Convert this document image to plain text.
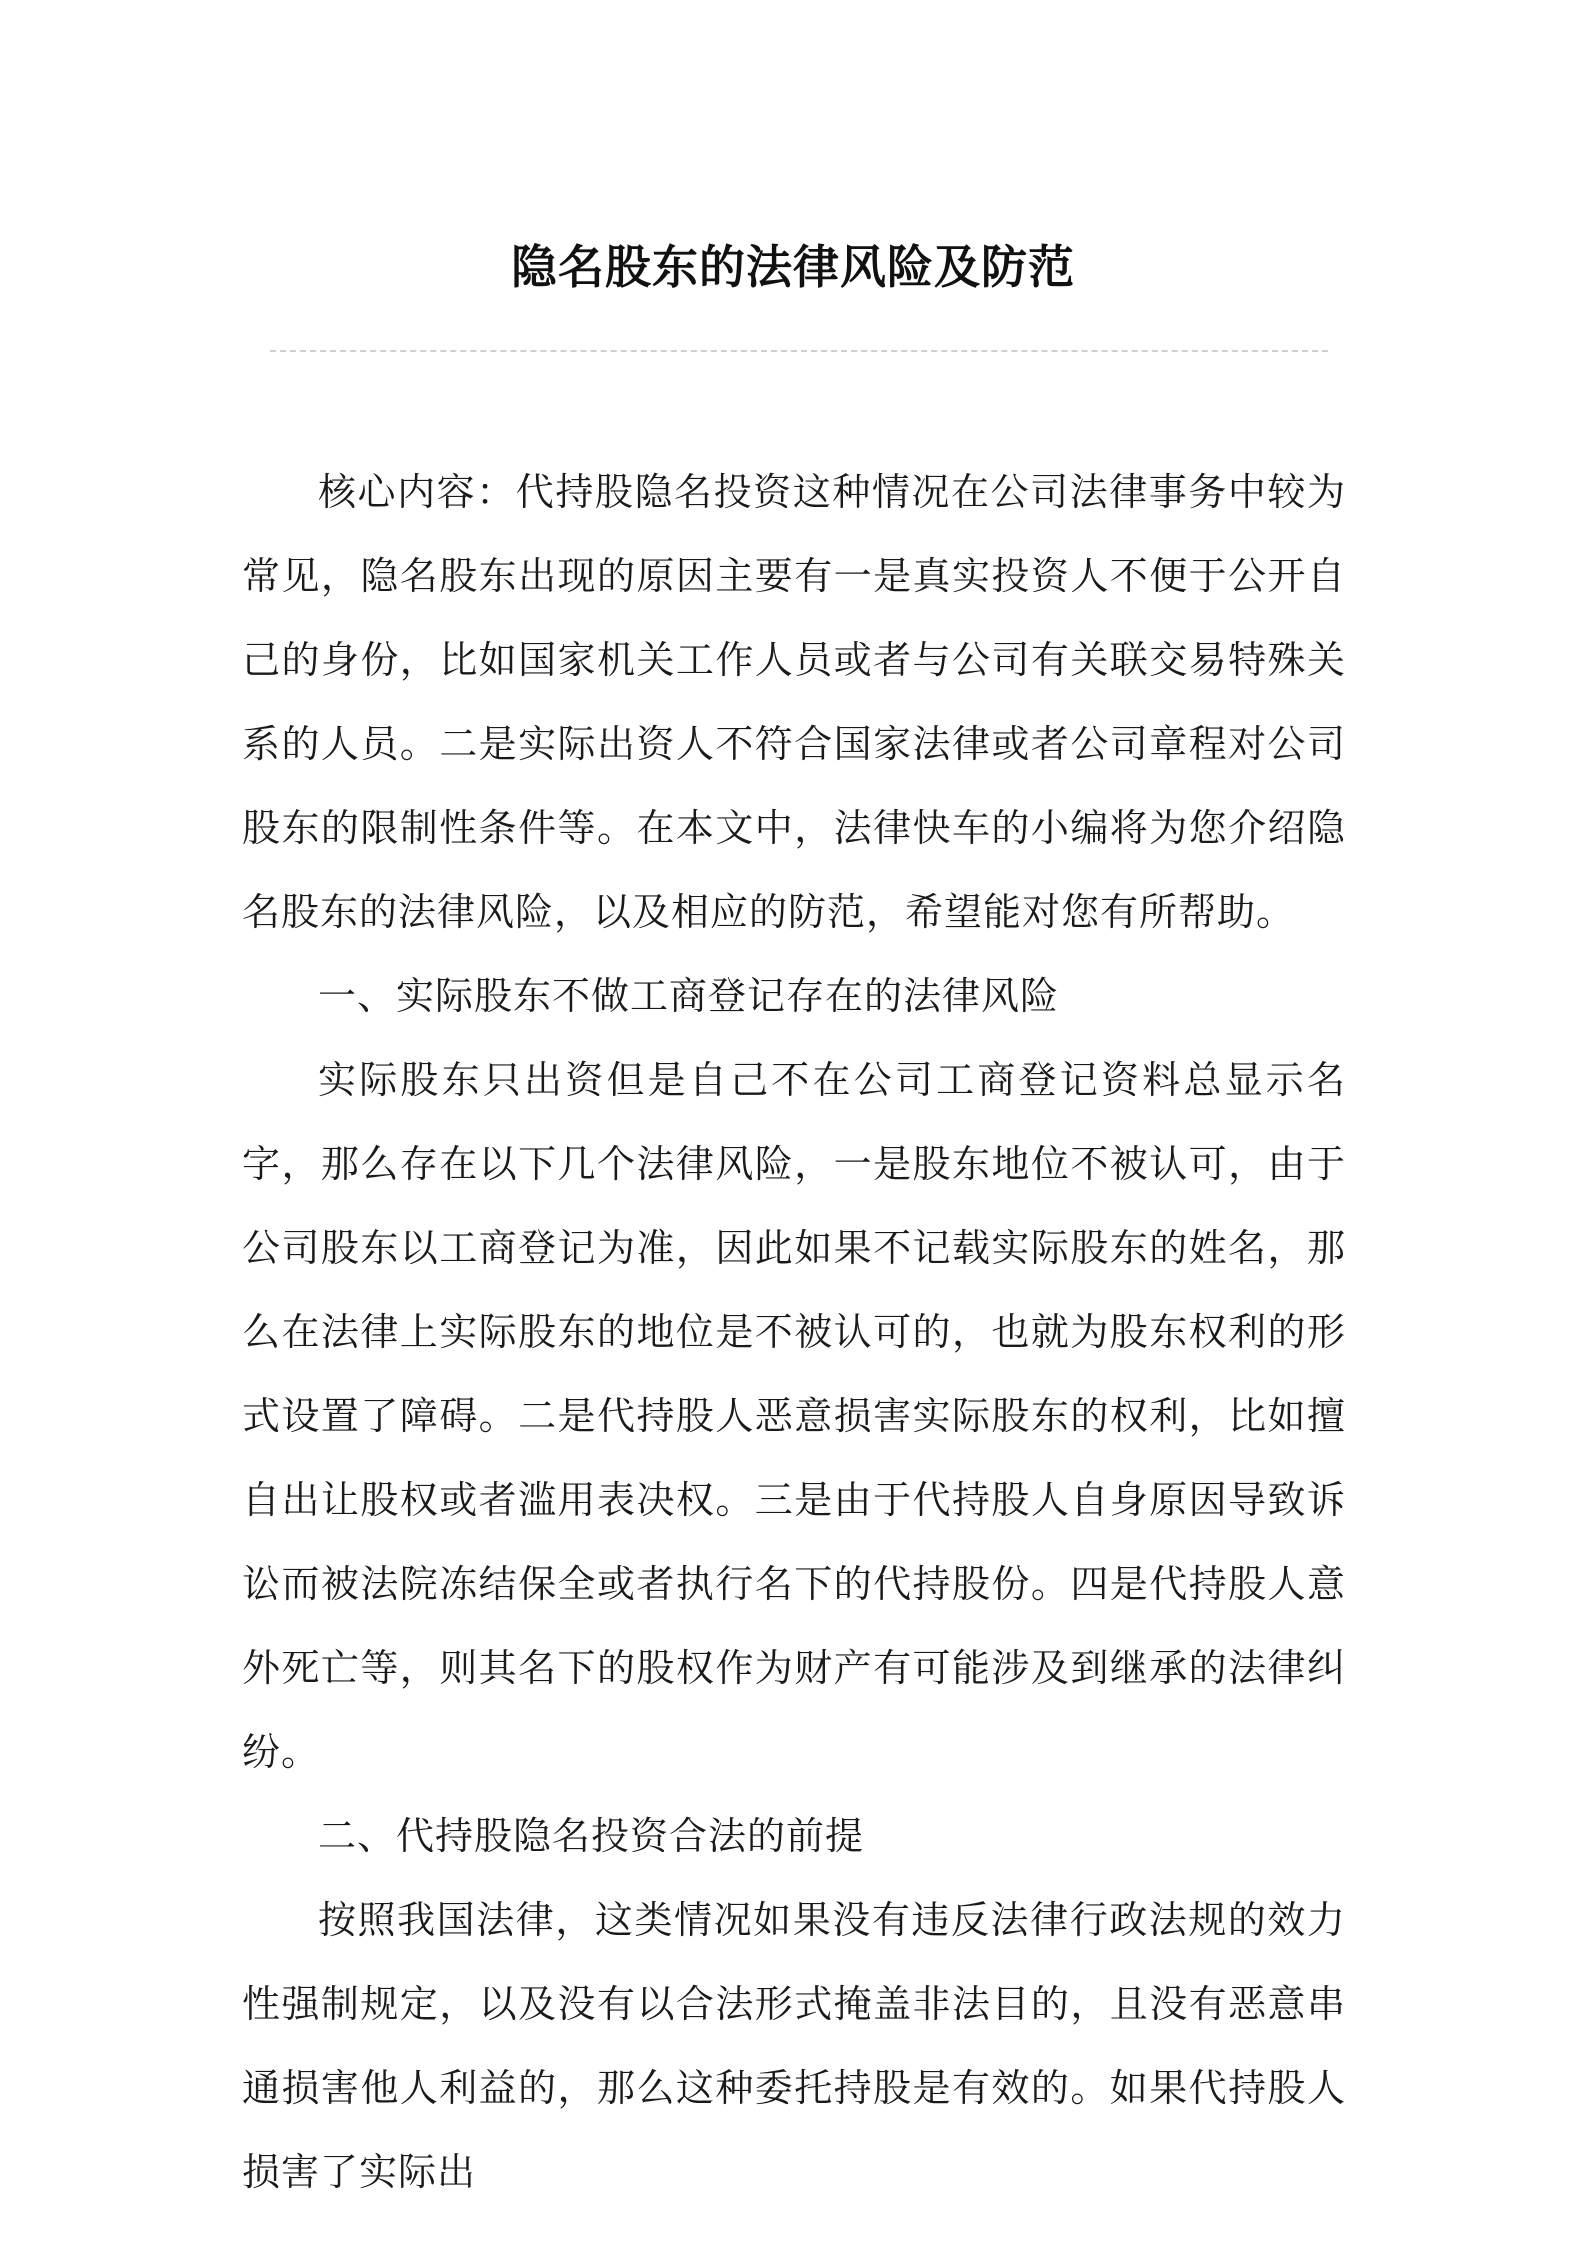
隐名股东的法律风险及防范

核心内容：代持股隐名投资这种情况在公司法律事务中较为常见，隐名股东出现的原因主要有一是真实投资人不便于公开自己的身份，比如国家机关工作人员或者与公司有关联交易特殊关系的人员。二是实际出资人不符合国家法律或者公司章程对公司股东的限制性条件等。在本文中，法律快车的小编将为您介绍隐名股东的法律风险，以及相应的防范，希望能对您有所帮助。

一、实际股东不做工商登记存在的法律风险

实际股东只出资但是自己不在公司工商登记资料总显示名字，那么存在以下几个法律风险，一是股东地位不被认可，由于公司股东以工商登记为准，因此如果不记载实际股东的姓名，那么在法律上实际股东的地位是不被认可的，也就为股东权利的形式设置了障碍。二是代持股人恶意损害实际股东的权利，比如擅自出让股权或者滥用表决权。三是由于代持股人自身原因导致诉讼而被法院冻结保全或者执行名下的代持股份。四是代持股人意外死亡等，则其名下的股权作为财产有可能涉及到继承的法律纠纷。

二、代持股隐名投资合法的前提

按照我国法律，这类情况如果没有违反法律行政法规的效力性强制规定，以及没有以合法形式掩盖非法目的，且没有恶意串通损害他人利益的，那么这种委托持股是有效的。如果代持股人损害了实际出
